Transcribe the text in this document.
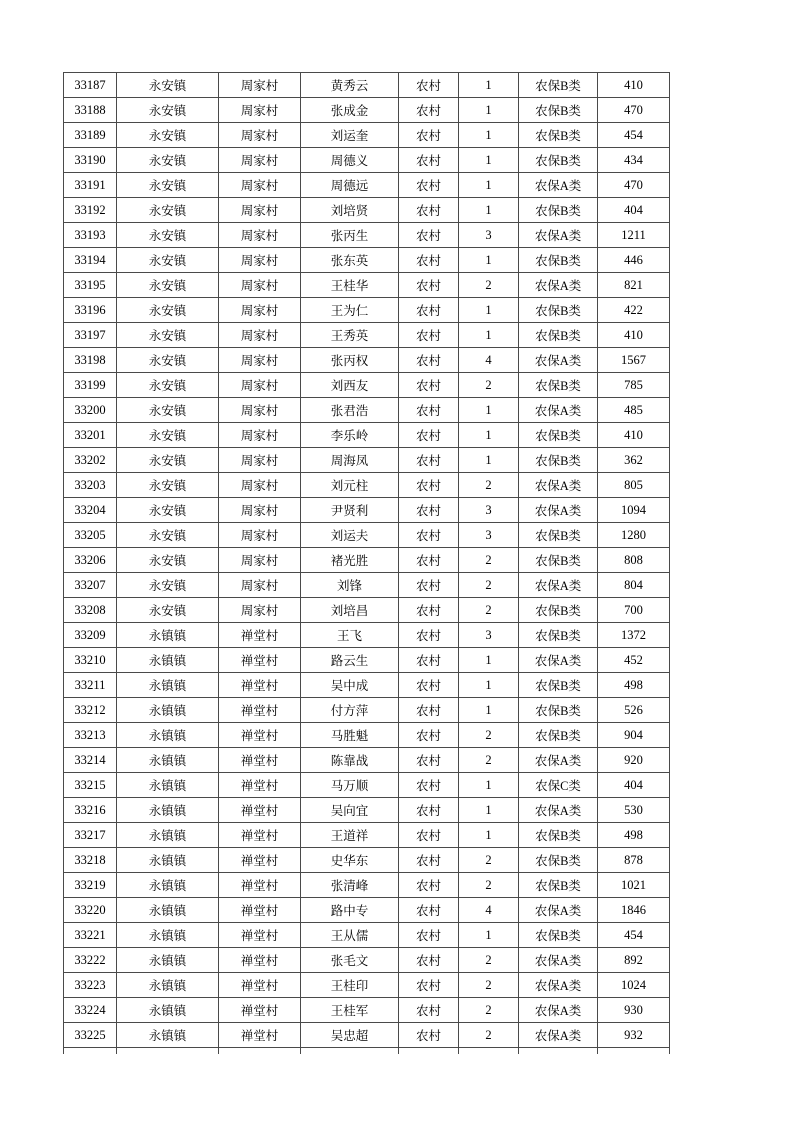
33187	永安镇	周家村	黄秀云	农村	1	农保B类	410
33188	永安镇	周家村	张成金	农村	1	农保B类	470
33189	永安镇	周家村	刘运奎	农村	1	农保B类	454
33190	永安镇	周家村	周德义	农村	1	农保B类	434
33191	永安镇	周家村	周德远	农村	1	农保A类	470
33192	永安镇	周家村	刘培贤	农村	1	农保B类	404
33193	永安镇	周家村	张丙生	农村	3	农保A类	1211
33194	永安镇	周家村	张东英	农村	1	农保B类	446
33195	永安镇	周家村	王桂华	农村	2	农保A类	821
33196	永安镇	周家村	王为仁	农村	1	农保B类	422
33197	永安镇	周家村	王秀英	农村	1	农保B类	410
33198	永安镇	周家村	张丙权	农村	4	农保A类	1567
33199	永安镇	周家村	刘西友	农村	2	农保B类	785
33200	永安镇	周家村	张君浩	农村	1	农保A类	485
33201	永安镇	周家村	李乐岭	农村	1	农保B类	410
33202	永安镇	周家村	周海凤	农村	1	农保B类	362
33203	永安镇	周家村	刘元柱	农村	2	农保A类	805
33204	永安镇	周家村	尹贤利	农村	3	农保A类	1094
33205	永安镇	周家村	刘运夫	农村	3	农保B类	1280
33206	永安镇	周家村	褚光胜	农村	2	农保B类	808
33207	永安镇	周家村	刘锋	农村	2	农保A类	804
33208	永安镇	周家村	刘培昌	农村	2	农保B类	700
33209	永镇镇	禅堂村	王飞	农村	3	农保B类	1372
33210	永镇镇	禅堂村	路云生	农村	1	农保A类	452
33211	永镇镇	禅堂村	吴中成	农村	1	农保B类	498
33212	永镇镇	禅堂村	付方萍	农村	1	农保B类	526
33213	永镇镇	禅堂村	马胜魁	农村	2	农保B类	904
33214	永镇镇	禅堂村	陈靠战	农村	2	农保A类	920
33215	永镇镇	禅堂村	马万顺	农村	1	农保C类	404
33216	永镇镇	禅堂村	吴向宜	农村	1	农保A类	530
33217	永镇镇	禅堂村	王道祥	农村	1	农保B类	498
33218	永镇镇	禅堂村	史华东	农村	2	农保B类	878
33219	永镇镇	禅堂村	张清峰	农村	2	农保B类	1021
33220	永镇镇	禅堂村	路中专	农村	4	农保A类	1846
33221	永镇镇	禅堂村	王从儒	农村	1	农保B类	454
33222	永镇镇	禅堂村	张毛文	农村	2	农保A类	892
33223	永镇镇	禅堂村	王桂印	农村	2	农保A类	1024
33224	永镇镇	禅堂村	王桂军	农村	2	农保A类	930
33225	永镇镇	禅堂村	吴忠超	农村	2	农保A类	932
